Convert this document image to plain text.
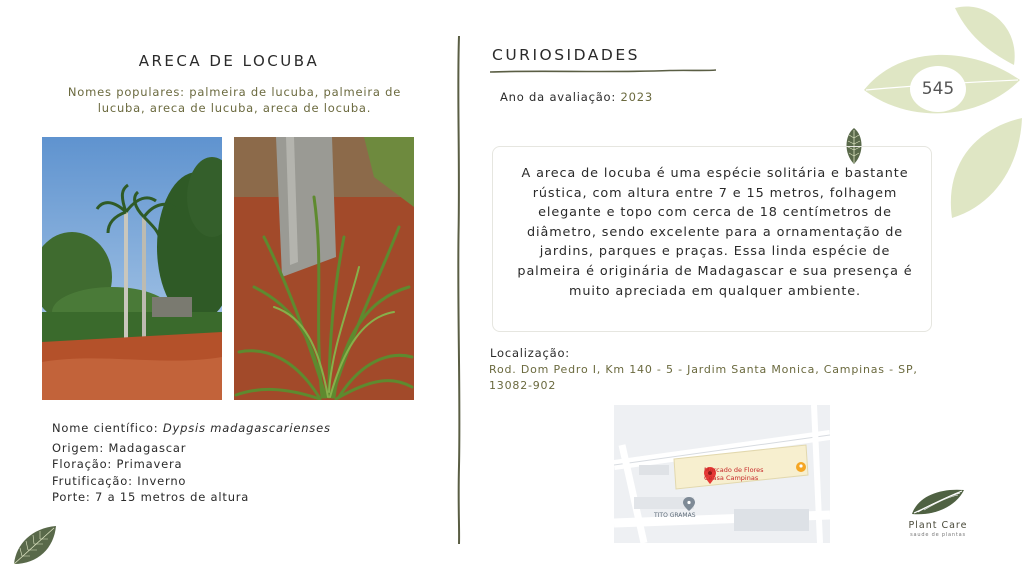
545
ARECA DE LOCUBA
Nomes populares: palmeira de lucuba, palmeira de lucuba, areca de lucuba, areca de locuba.
Nome científico: Dypsis madagascarienses
Origem: Madagascar
Floração: Primavera
Frutificação: Inverno
Porte: 7 a 15 metros de altura
CURIOSIDADES
Ano da avaliação: 2023
A areca de locuba é uma espécie solitária e bastante rústica, com altura entre 7 e 15 metros, folhagem elegante e topo com cerca de 18 centímetros de diâmetro, sendo excelente para a ornamentação de jardins, parques e praças. Essa linda espécie de palmeira é originária de Madagascar e sua presença é muito apreciada em qualquer ambiente.
Localização:
Rod. Dom Pedro I, Km 140 - 5 - Jardim Santa Monica, Campinas - SP, 13082-902
Mercado de Flores
Ceasa Campinas
TITO GRAMAS
Plant Care
saude de plantas
